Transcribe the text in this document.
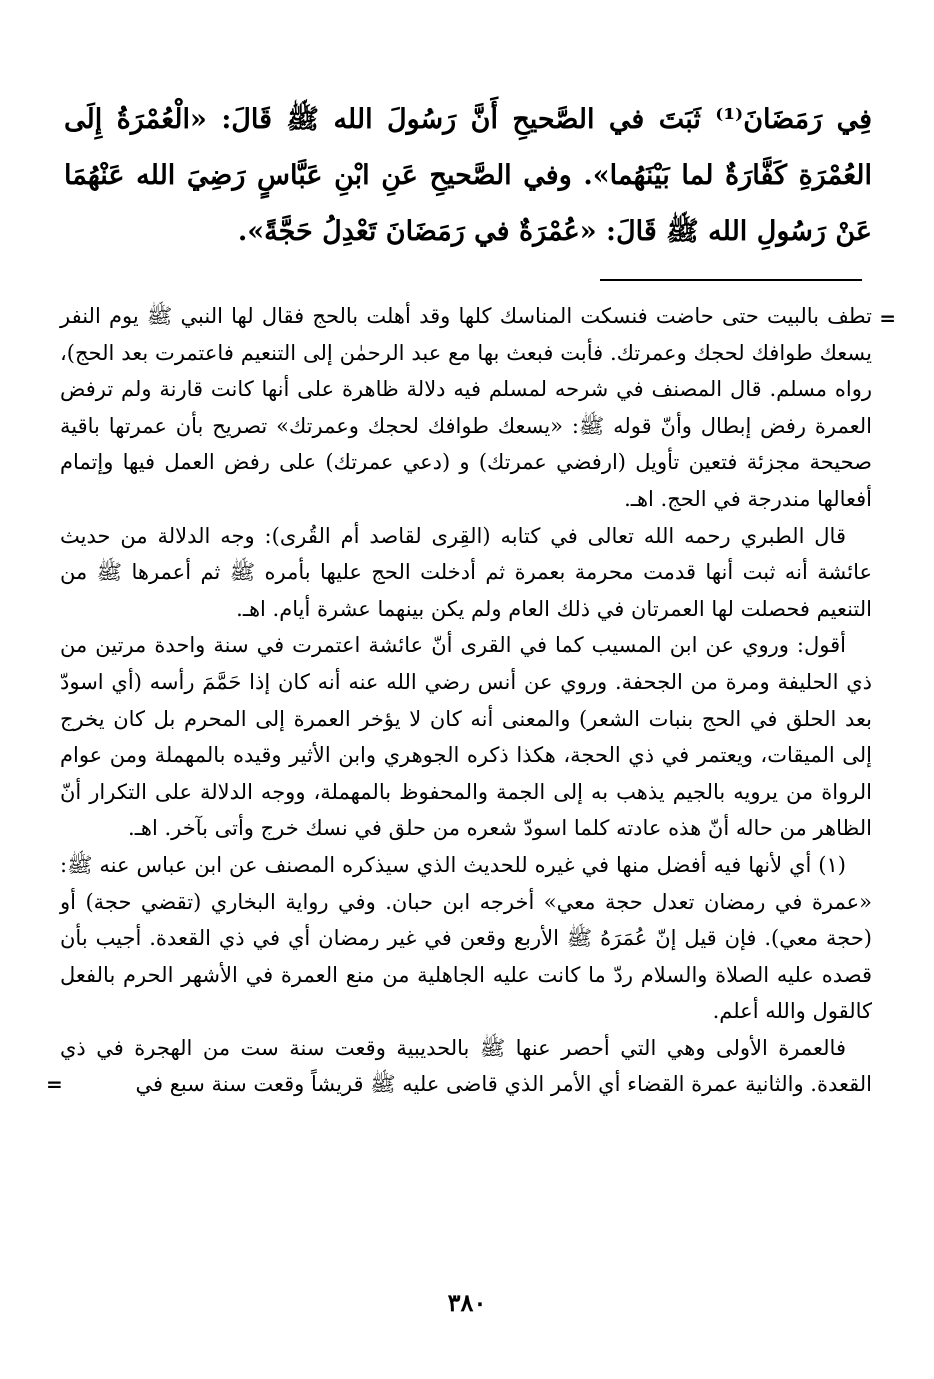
فِي رَمَضَانَ⁽¹⁾ ثَبَتَ في الصَّحيحِ أَنَّ رَسُولَ الله ﷺ قَالَ: «الْعُمْرَةُ إِلَى العُمْرَةِ كَفَّارَةٌ لما بَيْنَهُما». وفي الصَّحيحِ عَنِ ابْنِ عَبَّاسٍ رَضِيَ الله عَنْهُمَا عَنْ رَسُولِ الله ﷺ قَالَ: «عُمْرَةٌ في رَمَضَانَ تَعْدِلُ حَجَّةً».

=

تطف بالبيت حتى حاضت فنسكت المناسك كلها وقد أهلت بالحج فقال لها النبي ﷺ يوم النفر يسعك طوافك لحجك وعمرتك. فأبت فبعث بها مع عبد الرحمٰن إلى التنعيم فاعتمرت بعد الحج)، رواه مسلم. قال المصنف في شرحه لمسلم فيه دلالة ظاهرة على أنها كانت قارنة ولم ترفض العمرة رفض إبطال وأنّ قوله ﷺ: «يسعك طوافك لحجك وعمرتك» تصريح بأن عمرتها باقية صحيحة مجزئة فتعين تأويل (ارفضي عمرتك) و (دعي عمرتك) على رفض العمل فيها وإتمام أفعالها مندرجة في الحج. اهـ.

قال الطبري رحمه الله تعالى في كتابه (القِرى لقاصد أم القُرى): وجه الدلالة من حديث عائشة أنه ثبت أنها قدمت محرمة بعمرة ثم أدخلت الحج عليها بأمره ﷺ ثم أعمرها ﷺ من التنعيم فحصلت لها العمرتان في ذلك العام ولم يكن بينهما عشرة أيام. اهـ.

أقول: وروي عن ابن المسيب كما في القرى أنّ عائشة اعتمرت في سنة واحدة مرتين من ذي الحليفة ومرة من الجحفة. وروي عن أنس رضي الله عنه أنه كان إذا حَمَّمَ رأسه (أي اسودّ بعد الحلق في الحج بنبات الشعر) والمعنى أنه كان لا يؤخر العمرة إلى المحرم بل كان يخرج إلى الميقات، ويعتمر في ذي الحجة، هكذا ذكره الجوهري وابن الأثير وقيده بالمهملة ومن عوام الرواة من يرويه بالجيم يذهب به إلى الجمة والمحفوظ بالمهملة، ووجه الدلالة على التكرار أنّ الظاهر من حاله أنّ هذه عادته كلما اسودّ شعره من حلق في نسك خرج وأتى بآخر. اهـ.

(١) أي لأنها فيه أفضل منها في غيره للحديث الذي سيذكره المصنف عن ابن عباس عنه ﷺ: «عمرة في رمضان تعدل حجة معي» أخرجه ابن حبان. وفي رواية البخاري (تقضي حجة) أو (حجة معي). فإن قيل إنّ عُمَرَهُ ﷺ الأربع وقعن في غير رمضان أي في ذي القعدة. أجيب بأن قصده عليه الصلاة والسلام ردّ ما كانت عليه الجاهلية من منع العمرة في الأشهر الحرم بالفعل كالقول والله أعلم.

فالعمرة الأولى وهي التي أحصر عنها ﷺ بالحديبية وقعت سنة ست من الهجرة في ذي القعدة. والثانية عمرة القضاء أي الأمر الذي قاضى عليه ﷺ قريشاً وقعت سنة سبع في

=
٣٨٠
